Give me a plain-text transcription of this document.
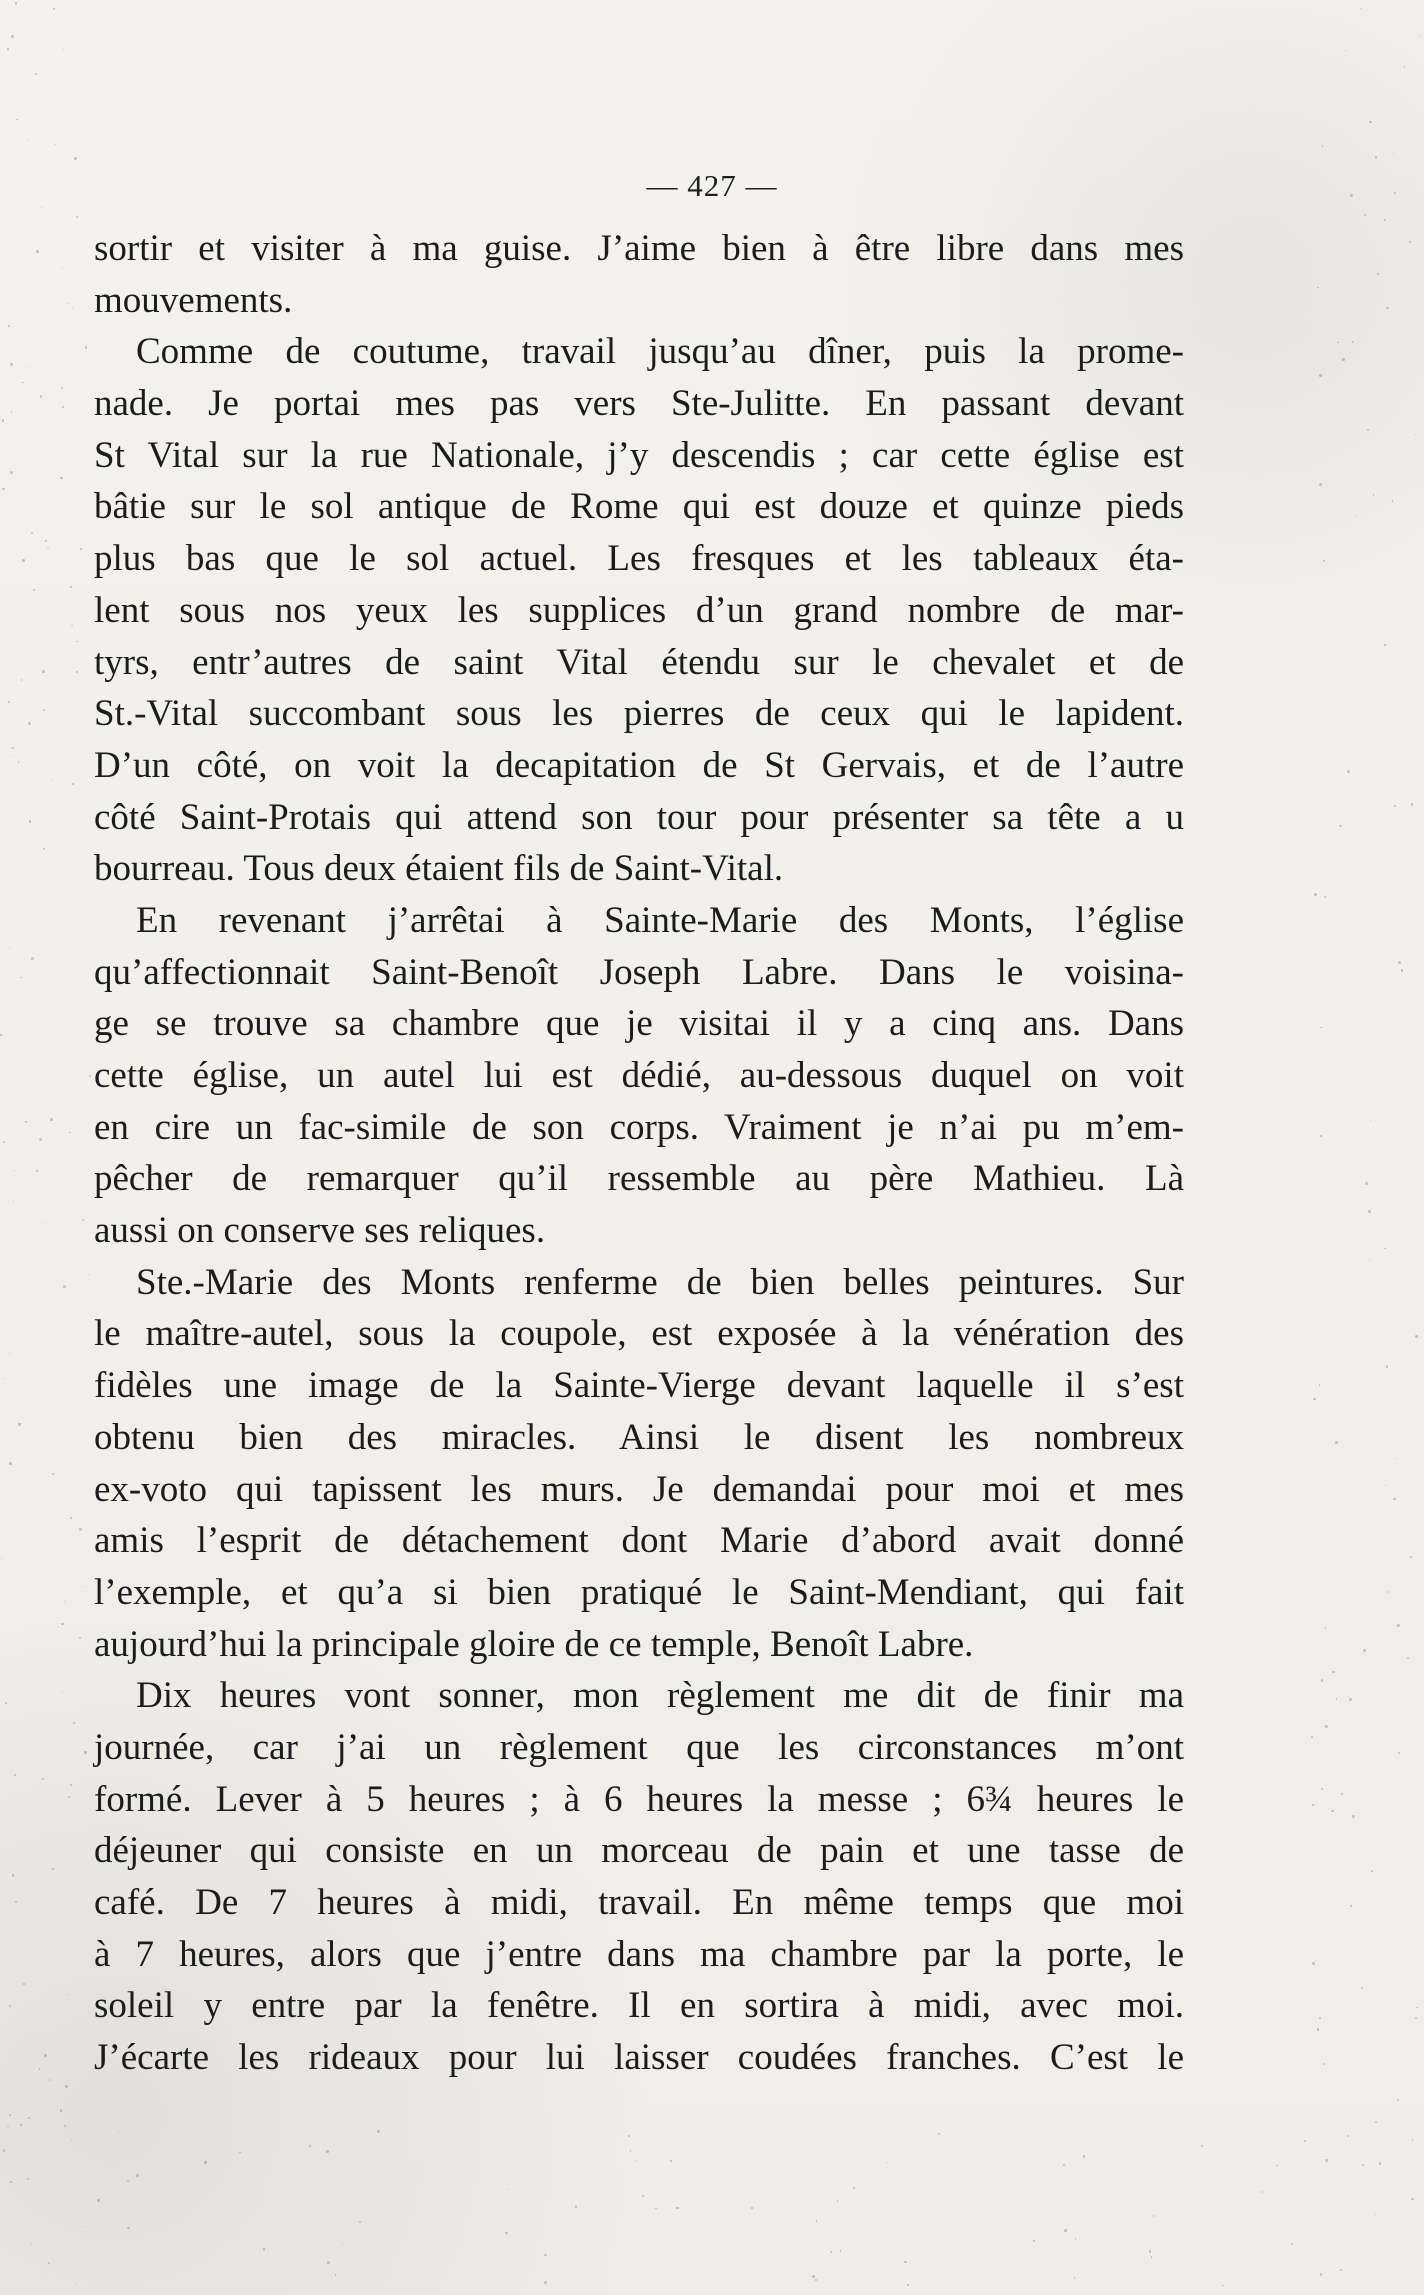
— 427 —
sortir et visiter à ma guise. J’aime bien à être libre dans mes
mouvements.
Comme de coutume, travail jusqu’au dîner, puis la prome-
nade. Je portai mes pas vers Ste-Julitte. En passant devant
St Vital sur la rue Nationale, j’y descendis ; car cette église est
bâtie sur le sol antique de Rome qui est douze et quinze pieds
plus bas que le sol actuel. Les fresques et les tableaux éta-
lent sous nos yeux les supplices d’un grand nombre de mar-
tyrs, entr’autres de saint Vital étendu sur le chevalet et de
St.-Vital succombant sous les pierres de ceux qui le lapident.
D’un côté, on voit la decapitation de St Gervais, et de l’autre
côté Saint-Protais qui attend son tour pour présenter sa tête a u
bourreau. Tous deux étaient fils de Saint-Vital.
En revenant j’arrêtai à Sainte-Marie des Monts, l’église
qu’affectionnait Saint-Benoît Joseph Labre. Dans le voisina-
ge se trouve sa chambre que je visitai il y a cinq ans. Dans
cette église, un autel lui est dédié, au-dessous duquel on voit
en cire un fac-simile de son corps. Vraiment je n’ai pu m’em-
pêcher de remarquer qu’il ressemble au père Mathieu. Là
aussi on conserve ses reliques.
Ste.-Marie des Monts renferme de bien belles peintures. Sur
le maître-autel, sous la coupole, est exposée à la vénération des
fidèles une image de la Sainte-Vierge devant laquelle il s’est
obtenu bien des miracles. Ainsi le disent les nombreux
ex-voto qui tapissent les murs. Je demandai pour moi et mes
amis l’esprit de détachement dont Marie d’abord avait donné
l’exemple, et qu’a si bien pratiqué le Saint-Mendiant, qui fait
aujourd’hui la principale gloire de ce temple, Benoît Labre.
Dix heures vont sonner, mon règlement me dit de finir ma
journée, car j’ai un règlement que les circonstances m’ont
formé. Lever à 5 heures ; à 6 heures la messe ; 6¾ heures le
déjeuner qui consiste en un morceau de pain et une tasse de
café. De 7 heures à midi, travail. En même temps que moi
à 7 heures, alors que j’entre dans ma chambre par la porte, le
soleil y entre par la fenêtre. Il en sortira à midi, avec moi.
J’écarte les rideaux pour lui laisser coudées franches. C’est le
